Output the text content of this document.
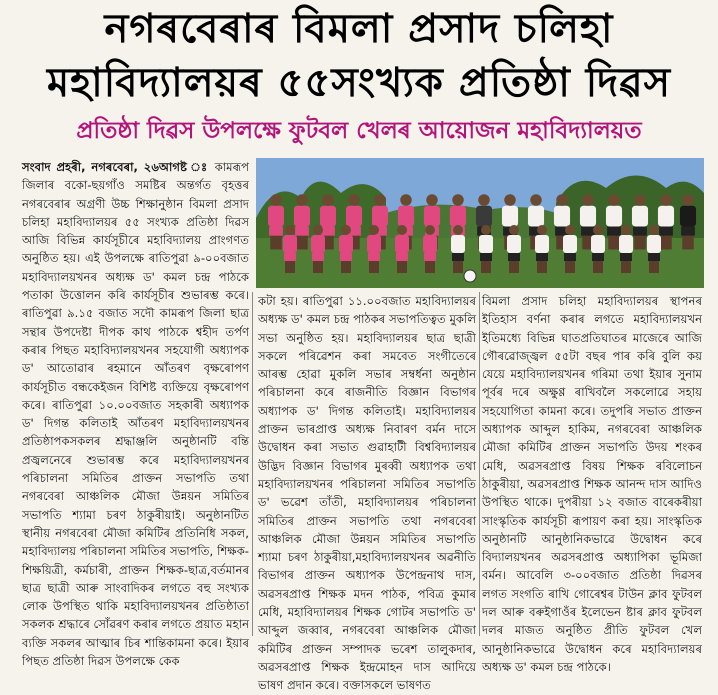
নগৰবেৰাৰ বিমলা প্ৰসাদ চলিহা
মহাবিদ্যালয়ৰ ৫৫সংখ্যক প্ৰতিষ্ঠা দিৱস
প্ৰতিষ্ঠা দিৱস উপলক্ষে ফুটবল খেলৰ আয়োজন মহাবিদ্যালয়ত

সংবাদ প্ৰহৰী, নগৰবেৰা, ২৬আগষ্ট ঃ কামৰূপ জিলাৰ বকো-ছয়গাঁও সমষ্টিৰ অন্তৰ্গত বৃহত্তৰ নগৰবেৰাৰ অগ্ৰণী উচ্চ শিক্ষানুষ্ঠান বিমলা প্ৰসাদ চলিহা মহাবিদ্যালয়ৰ ৫৫ সংখ্যক প্ৰতিষ্ঠা দিৱস আজি বিভিন্ন কাৰ্যসূচীৰে মহাবিদ্যালয় প্ৰাংগণত অনুষ্ঠিত হয়। এই উপলক্ষে ৰাতিপুৱা ৯-০০বজাত মহাবিদ্যালয়খনৰ অধ্যক্ষ ড' কমল চন্দ্ৰ পাঠকে পতাকা উত্তোলন কৰি কাৰ্যসূচীৰ শুভাৰম্ভ কৰে। ৰাতিপুৱা ৯.১৫ বজাত সদৌ কামৰূপ জিলা ছাত্ৰ সন্থাৰ উপদেষ্টা দীপক কাথ পাঠকে শ্বহীদ তৰ্পণ কৰাৰ পিছত মহাবিদ্যালয়খনৰ সহযোগী অধ্যাপক ড' আতোৱাৰ ৰহমানে আঁতৰণ বৃক্ষৰোপণ কাৰ্যসূচীত বন্ধকেইজন বিশিষ্ট ব্যক্তিয়ে বৃক্ষৰোপণ কৰে। ৰাতিপুৱা ১০.০০বজাত সহকাৰী অধ্যাপক ড' দিগন্ত কলিতাই আঁতৰণ মহাবিদ্যালয়খনৰ প্ৰতিষ্ঠাপকসকলৰ শ্ৰদ্ধাঞ্জলি অনুষ্ঠানটি বন্তি প্ৰজ্বলনেৰে শুভাৰম্ভ কৰে মহাবিদ্যালয়খনৰ পৰিচালনা সমিতিৰ প্ৰাক্তন সভাপতি তথা নগৰবেৰা আঞ্চলিক মৌজা উন্নয়ন সমিতিৰ সভাপতি শ্যামা চৰণ ঠাকুৰীয়াই। অনুষ্ঠানটিত স্থানীয় নগৰবেৰা মৌজা কমিটিৰ প্ৰতিনিধি সকল, মহাবিদ্যালয় পৰিচালনা সমিতিৰ সভাপতি, শিক্ষক-শিক্ষয়িত্ৰী, কৰ্মচাৰী, প্ৰাক্তন শিক্ষক-ছাত্ৰ,বৰ্তমানৰ ছাত্ৰ ছাত্ৰী আৰু সাংবাদিকৰ লগতে বহু সংখ্যক লোক উপস্থিত থাকি মহাবিদ্যালয়খনৰ প্ৰতিষ্ঠাতা সকলক শ্ৰদ্ধাৰে সোঁৱৰণ কৰাৰ লগতে প্ৰয়াত মহান ব্যক্তি সকলৰ আত্মাৰ চিৰ শান্তিকামনা কৰে। ইয়াৰ পিছত প্ৰতিষ্ঠা দিৱস উপলক্ষে কেক

কটা হয়। ৰাতিপুৱা ১১.০০বজাত মহাবিদ্যালয়ৰ অধ্যক্ষ ড' কমল চন্দ্ৰ পাঠকৰ সভাপতিত্বত মুকলি সভা অনুষ্ঠিত হয়। মহাবিদ্যালয়ৰ ছাত্ৰ ছাত্ৰী সকলে পৰিৱেশন কৰা সমবেত সংগীতেৰে আৰম্ভ হোৱা মুকলি সভাৰ সম্বৰ্ধনা অনুষ্ঠান পৰিচালনা কৰে ৰাজনীতি বিজ্ঞান বিভাগৰ অধ্যাপক ড' দিগন্ত কলিতাই। মহাবিদ্যালয়ৰ প্ৰাক্তন ভাৰপ্ৰাপ্ত অধ্যক্ষ নিবাৰণ বৰ্মন দাসে উদ্বোধন কৰা সভাত গুৱাহাটী বিশ্ববিদ্যালয়ৰ উদ্ভিদ বিজ্ঞান বিভাগৰ মুৰব্বী অধ্যাপক তথা মহাবিদ্যালয়খনৰ পৰিচালনা সমিতিৰ সভাপতি ড' ভৱেশ তাঁতী, মহাবিদ্যালয়ৰ পৰিচালনা সমিতিৰ প্ৰাক্তন সভাপতি তথা নগৰবেৰা আঞ্চলিক মৌজা উন্নয়ন সমিতিৰ সভাপতি শ্যামা চৰণ ঠাকুৰীয়া,মহাবিদ্যালয়খনৰ অৱনীতি বিভাগৰ প্ৰাক্তন অধ্যাপক উপেন্দ্ৰনাথ দাস, অৱসৰপ্ৰাপ্ত শিক্ষক মদন পাঠক, পবিত্ৰ কুমাৰ মেধি, মহাবিদ্যালয়ৰ শিক্ষক গোটৰ সভাপতি ড' আব্দুল জব্বাৰ, নগৰবেৰা আঞ্চলিক মৌজা কমিটিৰ প্ৰাক্তন সম্পাদক ভৰেশ তালুকদাৰ, অৱসৰপ্ৰাপ্ত শিক্ষক ইন্দ্ৰমোহন দাস আদিয়ে ভাষণ প্ৰদান কৰে। বক্তাসকলে ভাষণত

বিমলা প্ৰসাদ চলিহা মহাবিদ্যালয়ৰ স্থাপনৰ ইতিহাস বৰ্ণনা কৰাৰ লগতে মহাবিদ্যালয়খন ইতিমধ্যে বিভিন্ন ঘাতপ্ৰতিঘাতৰ মাজেৰে আজি গৌৰৱোজ্জ্বল ৫৫টা বছৰ পাৰ কৰি বুলি কয় যেয়ে মহাবিদ্যালয়খনৰ গৰিমা তথা ইয়াৰ সুনাম পূৰ্বৰ দৰে অক্ষুণ্ণ ৰাখিবলৈ সকলোৱে সহায় সহযোগিতা কামনা কৰে। তদুপৰি সভাত প্ৰাক্তন অধ্যাপক আব্দুল হাকিম, নগৰবেৰা আঞ্চলিক মৌজা কমিটিৰ প্ৰাক্তন সভাপতি উদয় শংকৰ মেধি, অৱসৰপ্ৰাপ্ত বিষয় শিক্ষক ৰবিলোচন ঠাকুৰীয়া, অৱসৰপ্ৰাপ্ত শিক্ষক আনন্দ দাস আদিও উপস্থিত থাকে। দুপৰীয়া ১২ বজাত বাৰেকৰীয়া সাংস্কৃতিক কাৰ্যসূচী ৰূপায়ণ কৰা হয়। সাংস্কৃতিক অনুষ্ঠানটি আনুষ্ঠানিকভাৱে উদ্বোধন কৰে বিদ্যালয়খনৰ অৱসৰপ্ৰাপ্ত অধ্যাপিকা ভূমিজা বৰ্মন। আবেলি ৩-০০বজাত প্ৰতিষ্ঠা দিৱসৰ লগত সংগতি ৰাখি গোৰেশ্বৰ টাউন ক্লাব ফুটবল দল আৰু বৰুইগাওঁৰ ইলেভেন ষ্টাৰ ক্লাব ফুটবল দলৰ মাজত অনুষ্ঠিত প্ৰীতি ফুটবল খেল আনুষ্ঠানিকভাৱে উদ্বোধন কৰে মহাবিদ্যালয়ৰ অধ্যক্ষ ড' কমল চন্দ্ৰ পাঠকে।
